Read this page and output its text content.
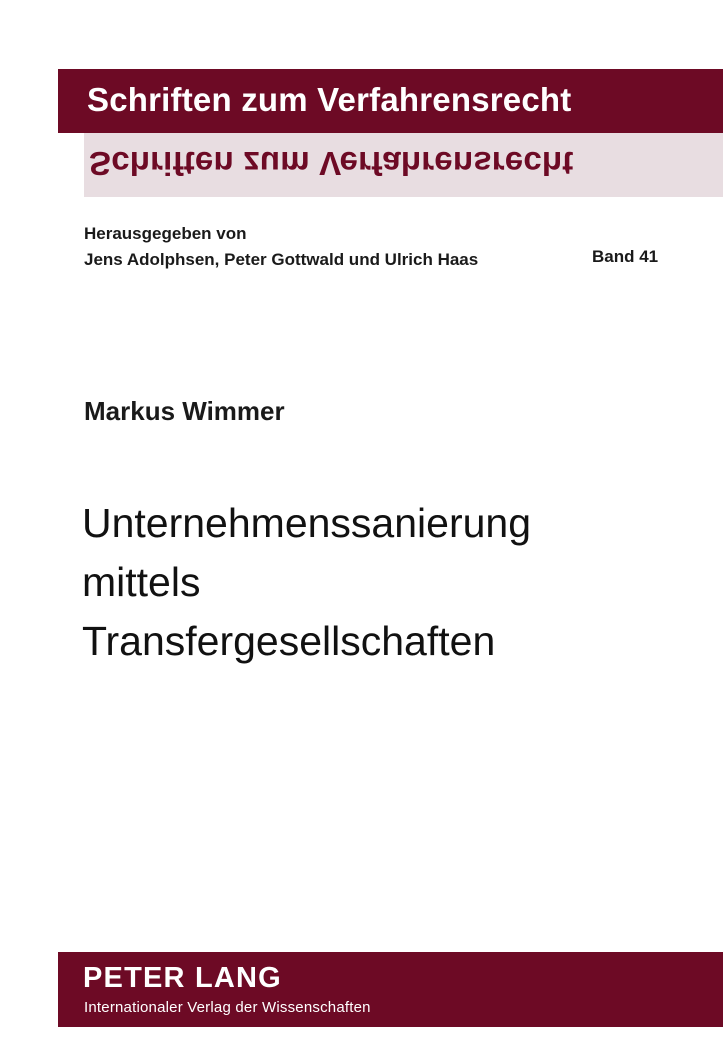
Schriften zum Verfahrensrecht
Schriften zum Verfahrensrecht
Herausgegeben von
Jens Adolphsen, Peter Gottwald und Ulrich Haas	Band 41
Markus Wimmer
Unternehmenssanierung
mittels
Transfergesellschaften
PETER LANG
Internationaler Verlag der Wissenschaften
